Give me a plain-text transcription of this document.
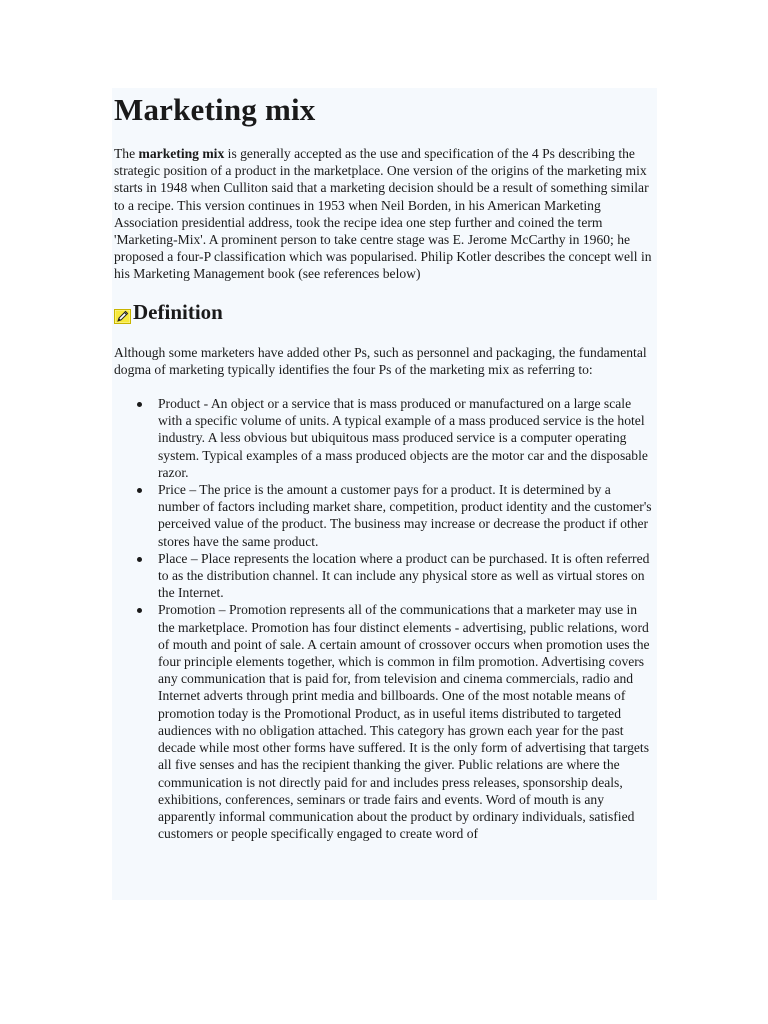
Marketing mix

The marketing mix is generally accepted as the use and specification of the 4 Ps describing the strategic position of a product in the marketplace. One version of the origins of the marketing mix starts in 1948 when Culliton said that a marketing decision should be a result of something similar to a recipe. This version continues in 1953 when Neil Borden, in his American Marketing Association presidential address, took the recipe idea one step further and coined the term 'Marketing-Mix'. A prominent person to take centre stage was E. Jerome McCarthy in 1960; he proposed a four-P classification which was popularised. Philip Kotler describes the concept well in his Marketing Management book (see references below)

Definition

Although some marketers have added other Ps, such as personnel and packaging, the fundamental dogma of marketing typically identifies the four Ps of the marketing mix as referring to:

Product - An object or a service that is mass produced or manufactured on a large scale with a specific volume of units. A typical example of a mass produced service is the hotel industry. A less obvious but ubiquitous mass produced service is a computer operating system. Typical examples of a mass produced objects are the motor car and the disposable razor.
Price – The price is the amount a customer pays for a product. It is determined by a number of factors including market share, competition, product identity and the customer's perceived value of the product. The business may increase or decrease the product if other stores have the same product.
Place – Place represents the location where a product can be purchased. It is often referred to as the distribution channel. It can include any physical store as well as virtual stores on the Internet.
Promotion – Promotion represents all of the communications that a marketer may use in the marketplace. Promotion has four distinct elements - advertising, public relations, word of mouth and point of sale. A certain amount of crossover occurs when promotion uses the four principle elements together, which is common in film promotion. Advertising covers any communication that is paid for, from television and cinema commercials, radio and Internet adverts through print media and billboards. One of the most notable means of promotion today is the Promotional Product, as in useful items distributed to targeted audiences with no obligation attached. This category has grown each year for the past decade while most other forms have suffered. It is the only form of advertising that targets all five senses and has the recipient thanking the giver. Public relations are where the communication is not directly paid for and includes press releases, sponsorship deals, exhibitions, conferences, seminars or trade fairs and events. Word of mouth is any apparently informal communication about the product by ordinary individuals, satisfied customers or people specifically engaged to create word of
